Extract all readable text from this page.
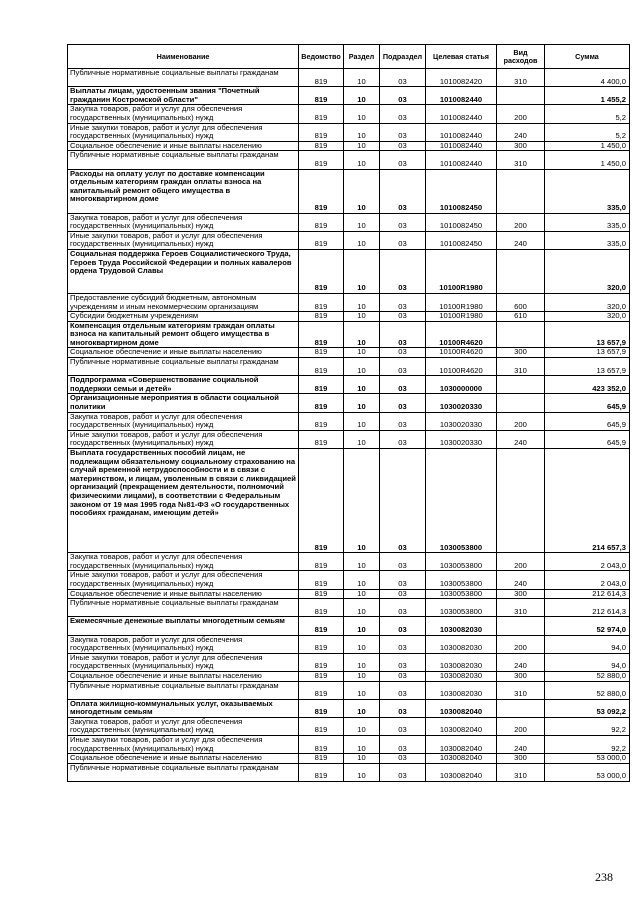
Наименование	Ведомство	Раздел	Подраздел	Целевая статья	Вид расходов	Сумма
Публичные нормативные социальные выплаты гражданам	819	10	03	1010082420	310	4 400,0
Выплаты лицам, удостоенным звания "Почетный гражданин Костромской области"	819	10	03	1010082440		1 455,2
Закупка товаров, работ и услуг для обеспечения государственных (муниципальных) нужд	819	10	03	1010082440	200	5,2
Иные закупки товаров, работ и услуг для обеспечения государственных (муниципальных) нужд	819	10	03	1010082440	240	5,2
Социальное обеспечение и иные выплаты населению	819	10	03	1010082440	300	1 450,0
Публичные нормативные социальные выплаты гражданам	819	10	03	1010082440	310	1 450,0
Расходы на оплату услуг по доставке компенсации отдельным категориям граждан оплаты взноса на капитальный ремонт общего имущества в многоквартирном доме	819	10	03	1010082450		335,0
Закупка товаров, работ и услуг для обеспечения государственных (муниципальных) нужд	819	10	03	1010082450	200	335,0
Иные закупки товаров, работ и услуг для обеспечения государственных (муниципальных) нужд	819	10	03	1010082450	240	335,0
Социальная поддержка Героев Социалистического Труда, Героев Труда Российской Федерации и полных кавалеров ордена Трудовой Славы	819	10	03	10100R1980		320,0
Предоставление субсидий бюджетным, автономным учреждениям и иным некоммерческим организациям	819	10	03	10100R1980	600	320,0
Субсидии бюджетным учреждениям	819	10	03	10100R1980	610	320,0
Компенсация отдельным категориям граждан оплаты взноса на капитальный ремонт общего имущества в многоквартирном доме	819	10	03	10100R4620		13 657,9
Социальное обеспечение и иные выплаты населению	819	10	03	10100R4620	300	13 657,9
Публичные нормативные социальные выплаты гражданам	819	10	03	10100R4620	310	13 657,9
Подпрограмма «Совершенствование социальной поддержки семьи и детей»	819	10	03	1030000000		423 352,0
Организационные мероприятия в области социальной политики	819	10	03	1030020330		645,9
Закупка товаров, работ и услуг для обеспечения государственных (муниципальных) нужд	819	10	03	1030020330	200	645,9
Иные закупки товаров, работ и услуг для обеспечения государственных (муниципальных) нужд	819	10	03	1030020330	240	645,9
Выплата государственных пособий лицам, не подлежащим обязательному социальному страхованию на случай временной нетрудоспособности и в связи с материнством, и лицам, уволенным в связи с ликвидацией организаций (прекращением деятельности, полномочий физическими лицами), в соответствии с Федеральным законом от 19 мая 1995 года №81-ФЗ «О государственных пособиях гражданам, имеющим детей»	819	10	03	1030053800		214 657,3
Закупка товаров, работ и услуг для обеспечения государственных (муниципальных) нужд	819	10	03	1030053800	200	2 043,0
Иные закупки товаров, работ и услуг для обеспечения государственных (муниципальных) нужд	819	10	03	1030053800	240	2 043,0
Социальное обеспечение и иные выплаты населению	819	10	03	1030053800	300	212 614,3
Публичные нормативные социальные выплаты гражданам	819	10	03	1030053800	310	212 614,3
Ежемесячные денежные выплаты многодетным семьям	819	10	03	1030082030		52 974,0
Закупка товаров, работ и услуг для обеспечения государственных (муниципальных) нужд	819	10	03	1030082030	200	94,0
Иные закупки товаров, работ и услуг для обеспечения государственных (муниципальных) нужд	819	10	03	1030082030	240	94,0
Социальное обеспечение и иные выплаты населению	819	10	03	1030082030	300	52 880,0
Публичные нормативные социальные выплаты гражданам	819	10	03	1030082030	310	52 880,0
Оплата жилищно-коммунальных услуг, оказываемых многодетным семьям	819	10	03	1030082040		53 092,2
Закупка товаров, работ и услуг для обеспечения государственных (муниципальных) нужд	819	10	03	1030082040	200	92,2
Иные закупки товаров, работ и услуг для обеспечения государственных (муниципальных) нужд	819	10	03	1030082040	240	92,2
Социальное обеспечение и иные выплаты населению	819	10	03	1030082040	300	53 000,0
Публичные нормативные социальные выплаты гражданам	819	10	03	1030082040	310	53 000,0
238
